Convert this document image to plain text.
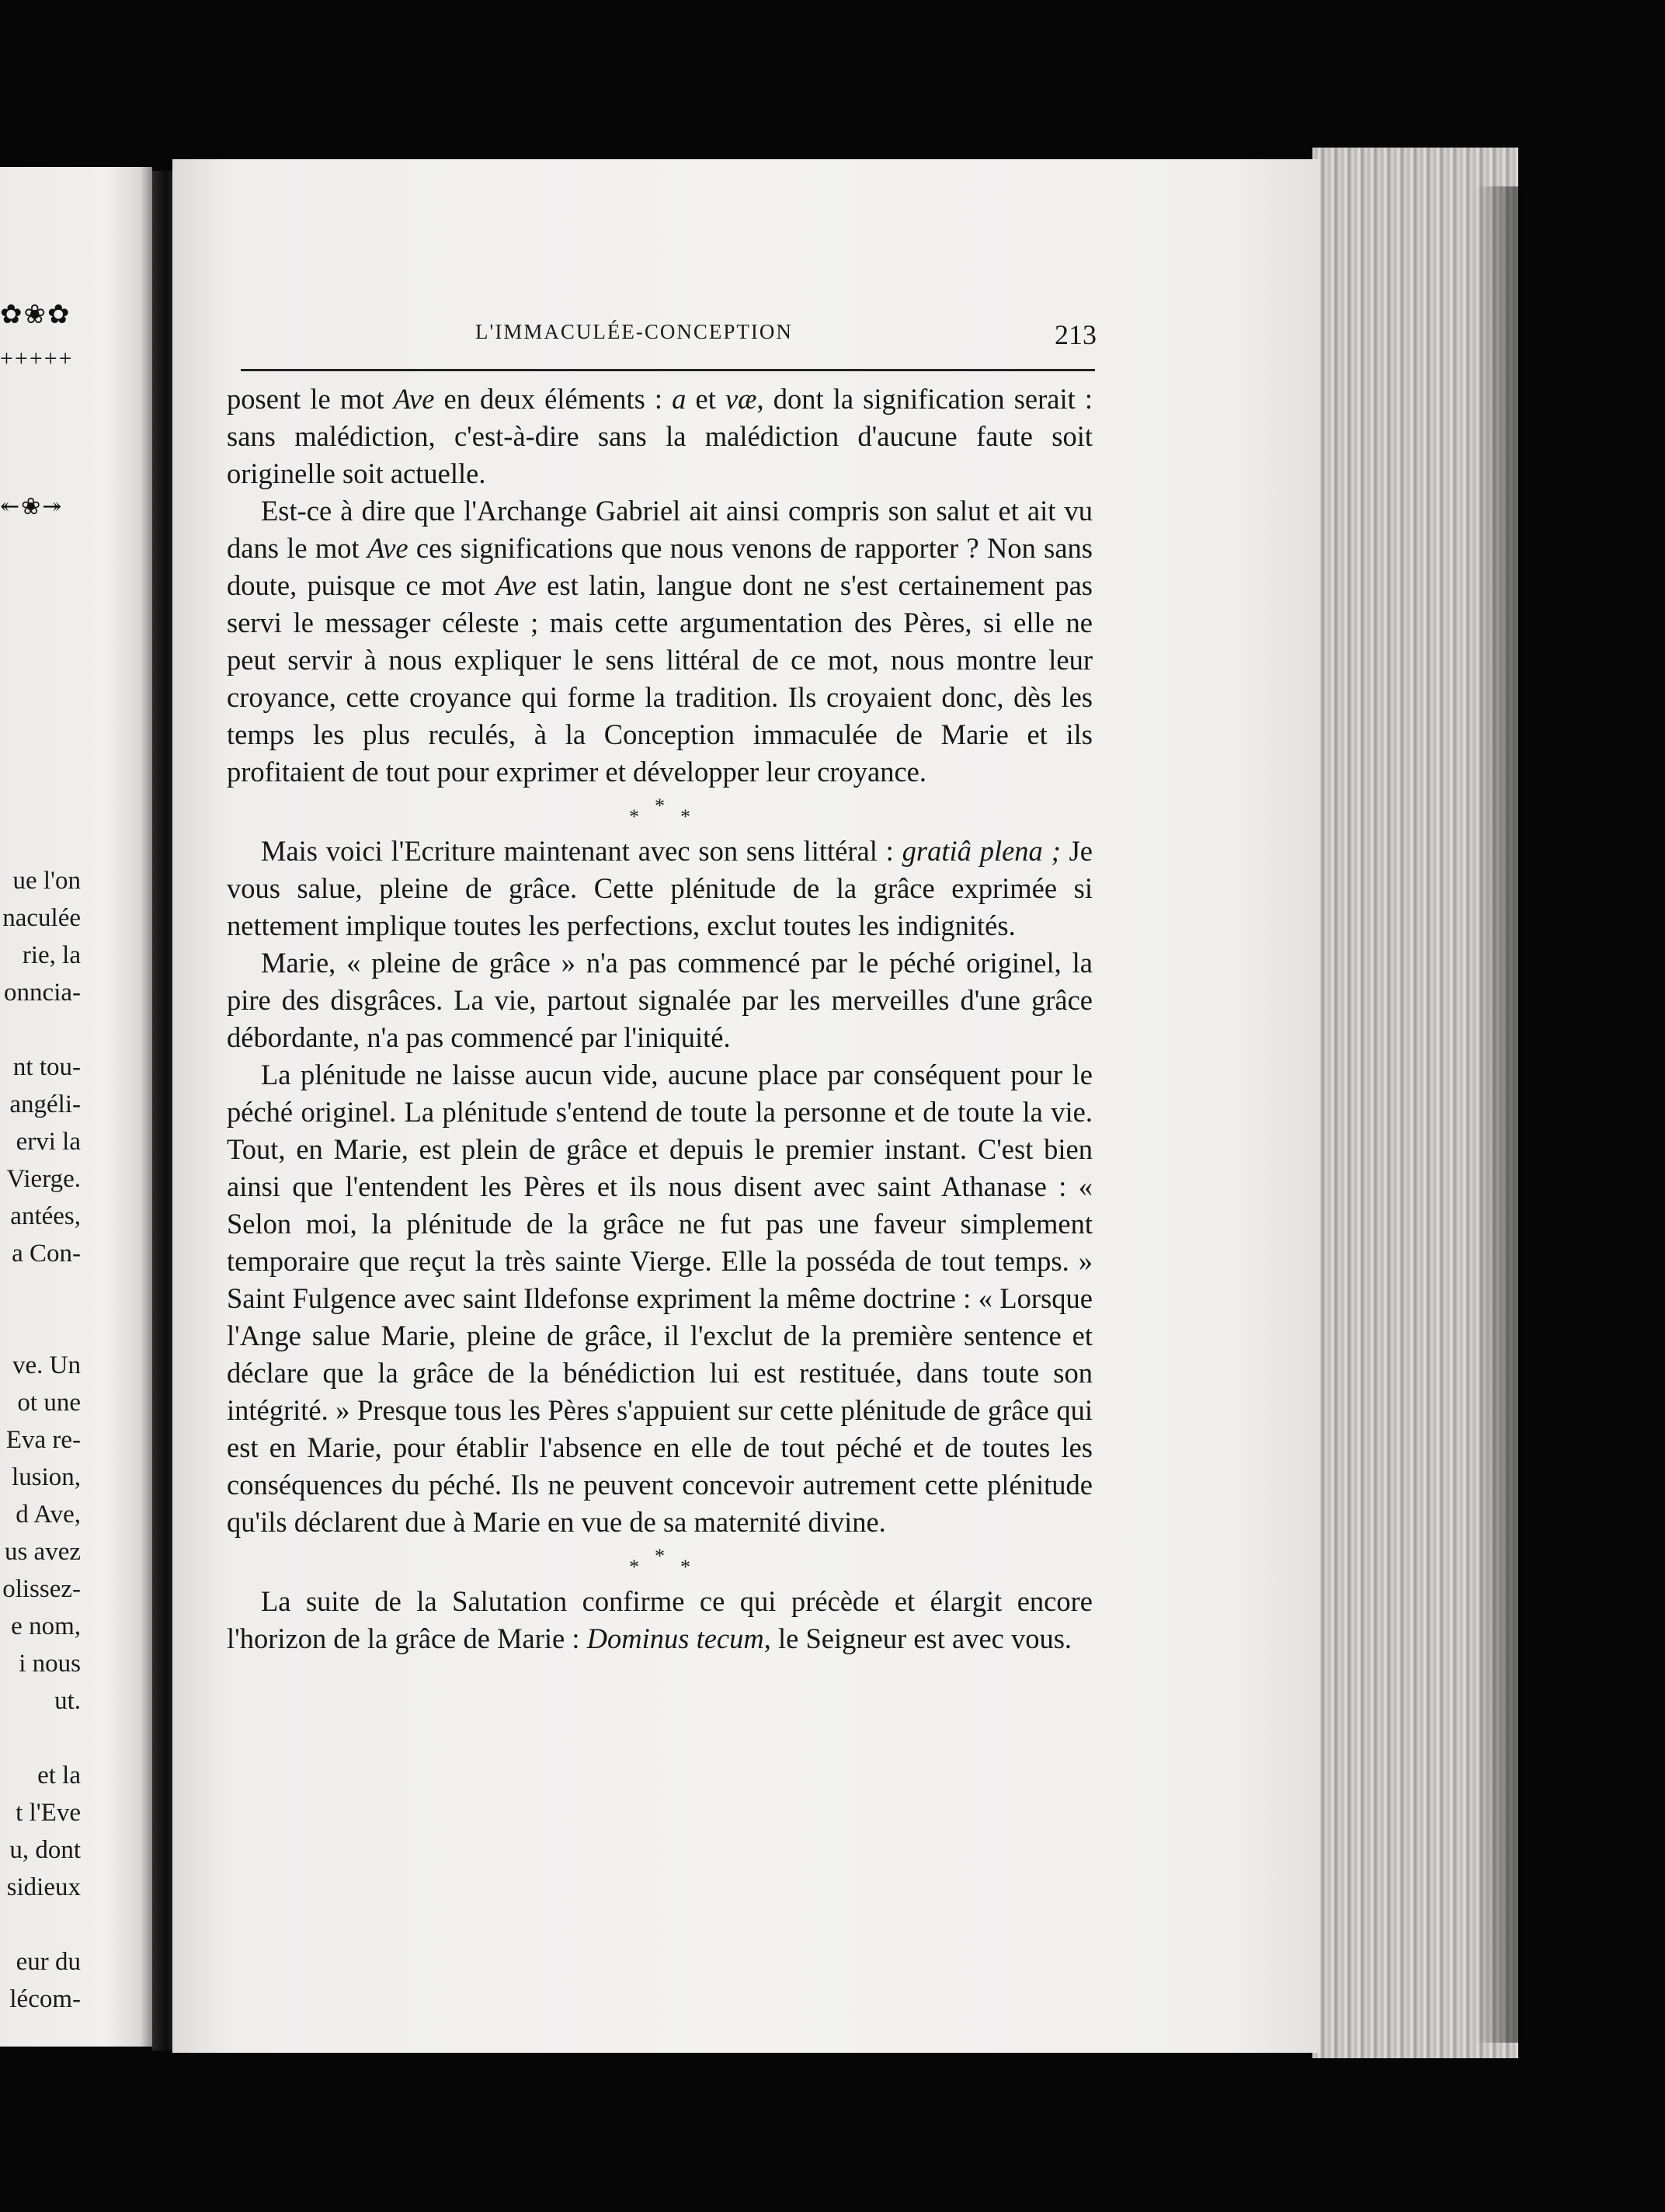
✿❀✿
+++++
↞❀↠
ue l'on
naculée
rie, la
onncia-
nt tou-
angéli-
ervi la
Vierge.
antées,
a Con-
ve. Un
ot une
Eva re-
lusion,
d Ave,
us avez
olissez-
e nom,
i nous
ut.
et la
t l'Eve
u, dont
sidieux
eur du
lécom-
L'IMMACULÉE-CONCEPTION	213

posent le mot Ave en deux éléments : a et væ, dont la signification serait : sans malédiction, c'est-à-dire sans la malédiction d'aucune faute soit originelle soit actuelle.

Est-ce à dire que l'Archange Gabriel ait ainsi compris son salut et ait vu dans le mot Ave ces significations que nous venons de rapporter ? Non sans doute, puisque ce mot Ave est latin, langue dont ne s'est certainement pas servi le messager céleste ; mais cette argumentation des Pères, si elle ne peut servir à nous expliquer le sens littéral de ce mot, nous montre leur croyance, cette croyance qui forme la tradition. Ils croyaient donc, dès les temps les plus reculés, à la Conception immaculée de Marie et ils profitaient de tout pour exprimer et développer leur croyance.

* * *

Mais voici l'Ecriture maintenant avec son sens littéral : gratiâ plena ; Je vous salue, pleine de grâce. Cette plénitude de la grâce exprimée si nettement implique toutes les perfections, exclut toutes les indignités.

Marie, « pleine de grâce » n'a pas commencé par le péché originel, la pire des disgrâces. La vie, partout signalée par les merveilles d'une grâce débordante, n'a pas commencé par l'iniquité.

La plénitude ne laisse aucun vide, aucune place par conséquent pour le péché originel. La plénitude s'entend de toute la personne et de toute la vie. Tout, en Marie, est plein de grâce et depuis le premier instant. C'est bien ainsi que l'entendent les Pères et ils nous disent avec saint Athanase : « Selon moi, la plénitude de la grâce ne fut pas une faveur simplement temporaire que reçut la très sainte Vierge. Elle la posséda de tout temps. » Saint Fulgence avec saint Ildefonse expriment la même doctrine : « Lorsque l'Ange salue Marie, pleine de grâce, il l'exclut de la première sentence et déclare que la grâce de la bénédiction lui est restituée, dans toute son intégrité. » Presque tous les Pères s'appuient sur cette plénitude de grâce qui est en Marie, pour établir l'absence en elle de tout péché et de toutes les conséquences du péché. Ils ne peuvent concevoir autrement cette plénitude qu'ils déclarent due à Marie en vue de sa maternité divine.

* * *

La suite de la Salutation confirme ce qui précède et élargit encore l'horizon de la grâce de Marie : Dominus tecum, le Seigneur est avec vous.
